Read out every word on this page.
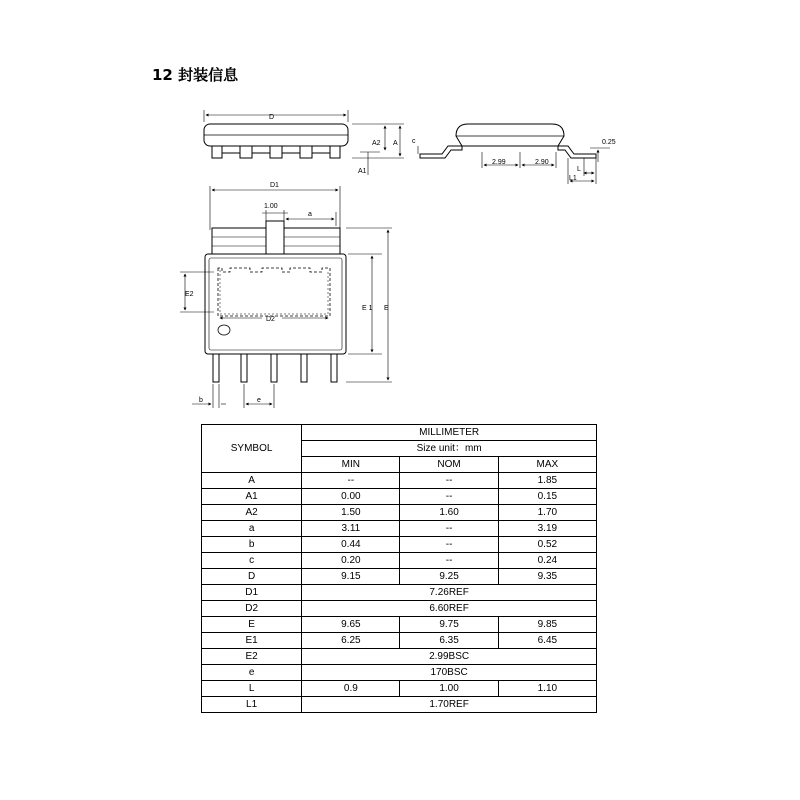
12 封装信息
D
A2 A
A1
c
2.99	2.90
0.25
L
L1
D1
1.00
a
E2
D2
E 1 E
b	e
SYMBOL	MILLIMETER		
	Size unit：mm		
	MIN	NOM	MAX
A	--	--	1.85
A1	0.00	--	0.15
A2	1.50	1.60	1.70
a	3.11	--	3.19
b	0.44	--	0.52
c	0.20	--	0.24
D	9.15	9.25	9.35
D1	7.26REF		
D2	6.60REF		
E	9.65	9.75	9.85
E1	6.25	6.35	6.45
E2	2.99BSC		
e	170BSC		
L	0.9	1.00	1.10
L1	1.70REF		
